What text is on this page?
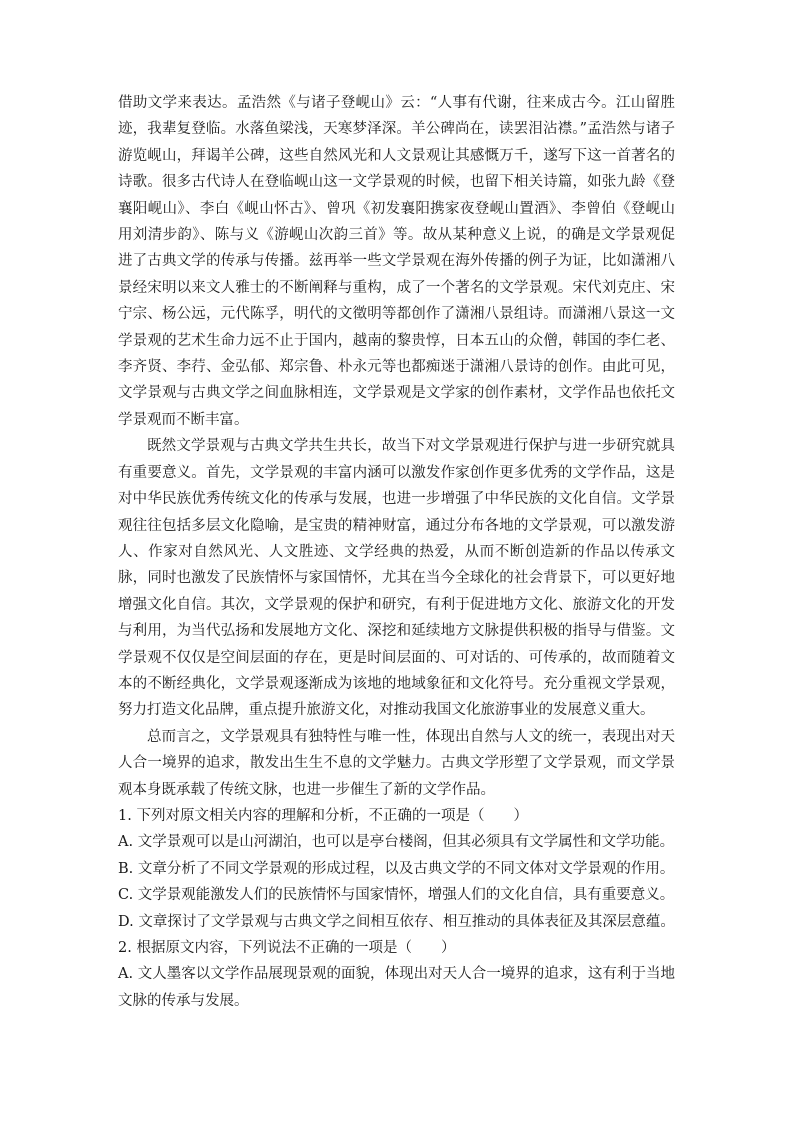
借助文学来表达。孟浩然《与诸子登岘山》云：“人事有代谢，往来成古今。江山留胜迹，我辈复登临。水落鱼梁浅，天寒梦泽深。羊公碑尚在，读罢泪沾襟。”孟浩然与诸子游览岘山，拜谒羊公碑，这些自然风光和人文景观让其感慨万千，遂写下这一首著名的诗歌。很多古代诗人在登临岘山这一文学景观的时候，也留下相关诗篇，如张九龄《登襄阳岘山》、李白《岘山怀古》、曾巩《初发襄阳携家夜登岘山置酒》、李曾伯《登岘山用刘清步韵》、陈与义《游岘山次韵三首》等。故从某种意义上说，的确是文学景观促进了古典文学的传承与传播。兹再举一些文学景观在海外传播的例子为证，比如潇湘八景经宋明以来文人雅士的不断阐释与重构，成了一个著名的文学景观。宋代刘克庄、宋宁宗、杨公远，元代陈孚，明代的文徵明等都创作了潇湘八景组诗。而潇湘八景这一文学景观的艺术生命力远不止于国内，越南的黎贵惇，日本五山的众僧，韩国的李仁老、李齐贤、李荇、金弘郁、郑宗鲁、朴永元等也都痴迷于潇湘八景诗的创作。由此可见，文学景观与古典文学之间血脉相连，文学景观是文学家的创作素材，文学作品也依托文学景观而不断丰富。

既然文学景观与古典文学共生共长，故当下对文学景观进行保护与进一步研究就具有重要意义。首先，文学景观的丰富内涵可以激发作家创作更多优秀的文学作品，这是对中华民族优秀传统文化的传承与发展，也进一步增强了中华民族的文化自信。文学景观往往包括多层文化隐喻，是宝贵的精神财富，通过分布各地的文学景观，可以激发游人、作家对自然风光、人文胜迹、文学经典的热爱，从而不断创造新的作品以传承文脉，同时也激发了民族情怀与家国情怀，尤其在当今全球化的社会背景下，可以更好地增强文化自信。其次，文学景观的保护和研究，有利于促进地方文化、旅游文化的开发与利用，为当代弘扬和发展地方文化、深挖和延续地方文脉提供积极的指导与借鉴。文学景观不仅仅是空间层面的存在，更是时间层面的、可对话的、可传承的，故而随着文本的不断经典化，文学景观逐渐成为该地的地域象征和文化符号。充分重视文学景观，努力打造文化品牌，重点提升旅游文化，对推动我国文化旅游事业的发展意义重大。

总而言之，文学景观具有独特性与唯一性，体现出自然与人文的统一，表现出对天人合一境界的追求，散发出生生不息的文学魅力。古典文学形塑了文学景观，而文学景观本身既承载了传统文脉，也进一步催生了新的文学作品。

1. 下列对原文相关内容的理解和分析，不正确的一项是（　　）

A. 文学景观可以是山河湖泊，也可以是亭台楼阁，但其必须具有文学属性和文学功能。

B. 文章分析了不同文学景观的形成过程，以及古典文学的不同文体对文学景观的作用。

C. 文学景观能激发人们的民族情怀与国家情怀，增强人们的文化自信，具有重要意义。

D. 文章探讨了文学景观与古典文学之间相互依存、相互推动的具体表征及其深层意蕴。

2. 根据原文内容，下列说法不正确的一项是（　　）

A. 文人墨客以文学作品展现景观的面貌，体现出对天人合一境界的追求，这有利于当地文脉的传承与发展。
